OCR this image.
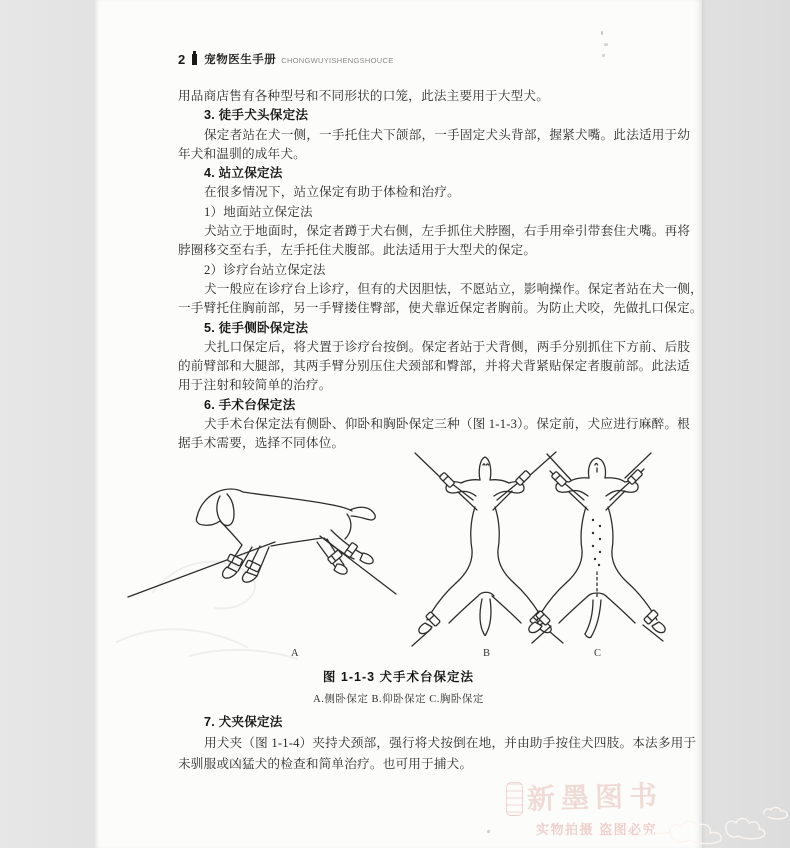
2 宠物医生手册 CHONGWUYISHENGSHOUCE
用品商店售有各种型号和不同形状的口笼，此法主要用于大型犬。
3. 徒手犬头保定法
保定者站在犬一侧，一手托住犬下颌部，一手固定犬头背部，握紧犬嘴。此法适用于幼
年犬和温驯的成年犬。
4. 站立保定法
在很多情况下，站立保定有助于体检和治疗。
1）地面站立保定法
犬站立于地面时，保定者蹲于犬右侧，左手抓住犬脖圈，右手用牵引带套住犬嘴。再将
脖圈移交至右手，左手托住犬腹部。此法适用于大型犬的保定。
2）诊疗台站立保定法
犬一般应在诊疗台上诊疗，但有的犬因胆怯，不愿站立，影响操作。保定者站在犬一侧，
一手臂托住胸前部，另一手臂搂住臀部，使犬靠近保定者胸前。为防止犬咬，先做扎口保定。
5. 徒手侧卧保定法
犬扎口保定后，将犬置于诊疗台按倒。保定者站于犬背侧，两手分别抓住下方前、后肢
的前臂部和大腿部，其两手臂分别压住犬颈部和臀部，并将犬背紧贴保定者腹前部。此法适
用于注射和较简单的治疗。
6. 手术台保定法
犬手术台保定法有侧卧、仰卧和胸卧保定三种（图 1-1-3）。保定前，犬应进行麻醉。根
据手术需要，选择不同体位。
7. 犬夹保定法
用犬夹（图 1-1-4）夹持犬颈部，强行将犬按倒在地，并由助手按住犬四肢。本法多用于
未驯服或凶猛犬的检查和简单治疗。也可用于捕犬。
A	B	C
图 1-1-3 犬手术台保定法
A.侧卧保定 B.仰卧保定 C.胸卧保定
新墨图书
实物拍摄 盗图必究
